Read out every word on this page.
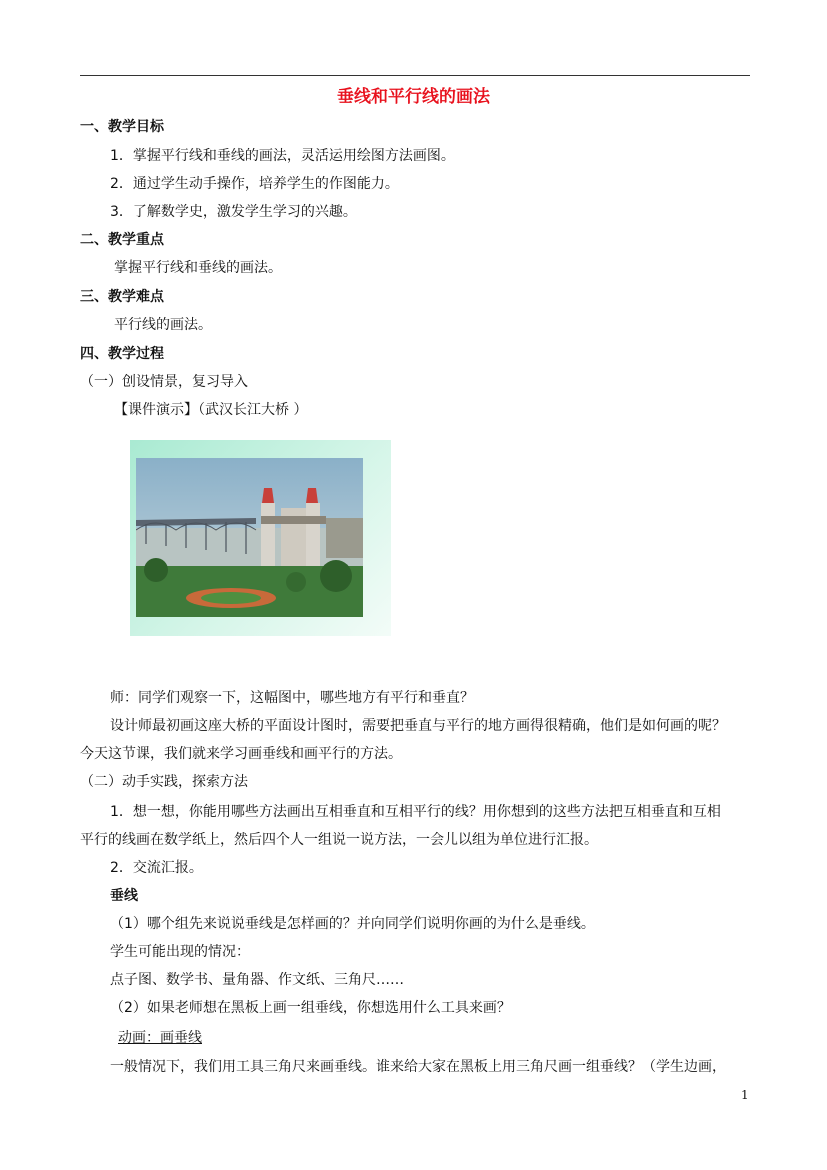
垂线和平行线的画法
一、教学目标
1．掌握平行线和垂线的画法，灵活运用绘图方法画图。
2．通过学生动手操作，培养学生的作图能力。
3．了解数学史，激发学生学习的兴趣。
二、教学重点
掌握平行线和垂线的画法。
三、教学难点
平行线的画法。
四、教学过程
（一）创设情景，复习导入
【课件演示】（武汉长江大桥 ）
师：同学们观察一下，这幅图中，哪些地方有平行和垂直？
设计师最初画这座大桥的平面设计图时，需要把垂直与平行的地方画得很精确，他们是如何画的呢？
今天这节课，我们就来学习画垂线和画平行的方法。
（二）动手实践，探索方法
1．想一想，你能用哪些方法画出互相垂直和互相平行的线？用你想到的这些方法把互相垂直和互相
平行的线画在数学纸上，然后四个人一组说一说方法，一会儿以组为单位进行汇报。
2．交流汇报。
垂线
（1）哪个组先来说说垂线是怎样画的？并向同学们说明你画的为什么是垂线。
学生可能出现的情况：
点子图、数学书、量角器、作文纸、三角尺……
（2）如果老师想在黑板上画一组垂线，你想选用什么工具来画？
动画：画垂线
一般情况下，我们用工具三角尺来画垂线。谁来给大家在黑板上用三角尺画一组垂线？（学生边画，
1
